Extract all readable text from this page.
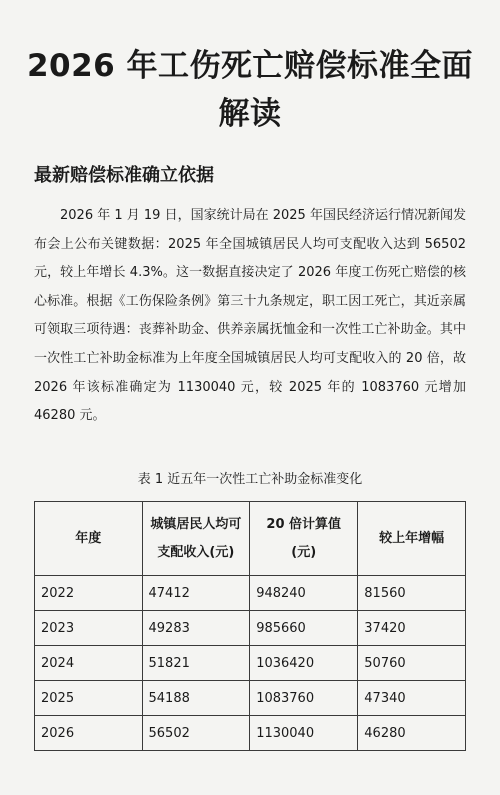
2026 年工伤死亡赔偿标准全面解读
最新赔偿标准确立依据

2026 年 1 月 19 日，国家统计局在 2025 年国民经济运行情况新闻发布会上公布关键数据：2025 年全国城镇居民人均可支配收入达到 56502 元，较上年增长 4.3%。这一数据直接决定了 2026 年度工伤死亡赔偿的核心标准。根据《工伤保险条例》第三十九条规定，职工因工死亡，其近亲属可领取三项待遇：丧葬补助金、供养亲属抚恤金和一次性工亡补助金。其中一次性工亡补助金标准为上年度全国城镇居民人均可支配收入的 20 倍，故 2026 年该标准确定为 1130040 元，较 2025 年的 1083760 元增加 46280 元。

表 1 近五年一次性工亡补助金标准变化
年度	城镇居民人均可支配收入(元)	20 倍计算值(元)	较上年增幅
2022	47412	948240	81560
2023	49283	985660	37420
2024	51821	1036420	50760
2025	54188	1083760	47340
2026	56502	1130040	46280
